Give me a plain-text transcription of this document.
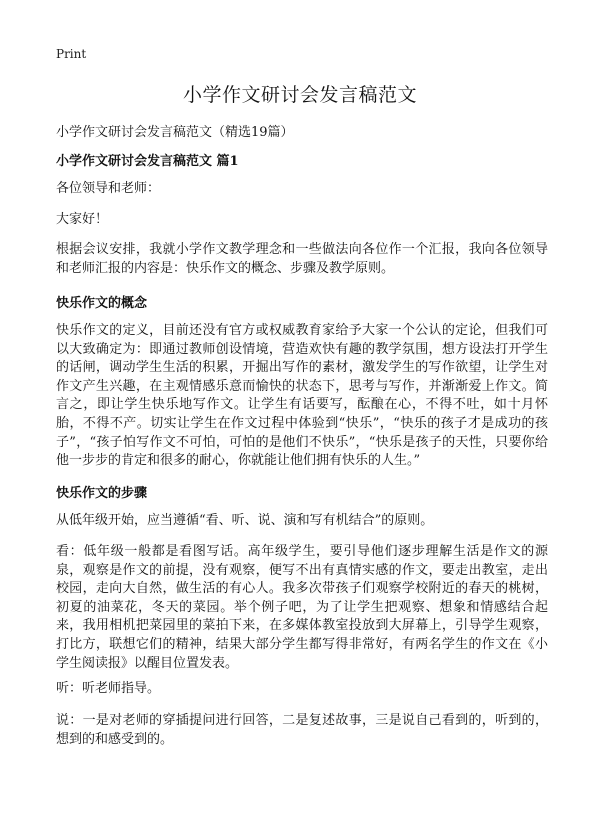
Print
小学作文研讨会发言稿范文
小学作文研讨会发言稿范文（精选19篇）
小学作文研讨会发言稿范文 篇1
各位领导和老师：
大家好！
根据会议安排，我就小学作文教学理念和一些做法向各位作一个汇报，我向各位领导和老师汇报的内容是：快乐作文的概念、步骤及教学原则。
快乐作文的概念
快乐作文的定义，目前还没有官方或权威教育家给予大家一个公认的定论，但我们可以大致确定为：即通过教师创设情境，营造欢快有趣的教学氛围，想方设法打开学生的话闸，调动学生生活的积累，开掘出写作的素材，激发学生的写作欲望，让学生对作文产生兴趣，在主观情感乐意而愉快的状态下，思考与写作，并渐渐爱上作文。简言之，即让学生快乐地写作文。让学生有话要写，酝酿在心，不得不吐，如十月怀胎，不得不产。切实让学生在作文过程中体验到“快乐”，“快乐的孩子才是成功的孩子”，“孩子怕写作文不可怕，可怕的是他们不快乐”，“快乐是孩子的天性，只要你给他一步步的肯定和很多的耐心，你就能让他们拥有快乐的人生。”
快乐作文的步骤
从低年级开始，应当遵循“看、听、说、演和写有机结合”的原则。
看：低年级一般都是看图写话。高年级学生，要引导他们逐步理解生活是作文的源泉，观察是作文的前提，没有观察，便写不出有真情实感的作文，要走出教室，走出校园，走向大自然，做生活的有心人。我多次带孩子们观察学校附近的春天的桃树，初夏的油菜花，冬天的菜园。举个例子吧，为了让学生把观察、想象和情感结合起来，我用相机把菜园里的菜拍下来，在多媒体教室投放到大屏幕上，引导学生观察，打比方，联想它们的精神，结果大部分学生都写得非常好，有两名学生的作文在《小学生阅读报》以醒目位置发表。
听：听老师指导。
说：一是对老师的穿插提问进行回答，二是复述故事，三是说自己看到的，听到的，想到的和感受到的。
